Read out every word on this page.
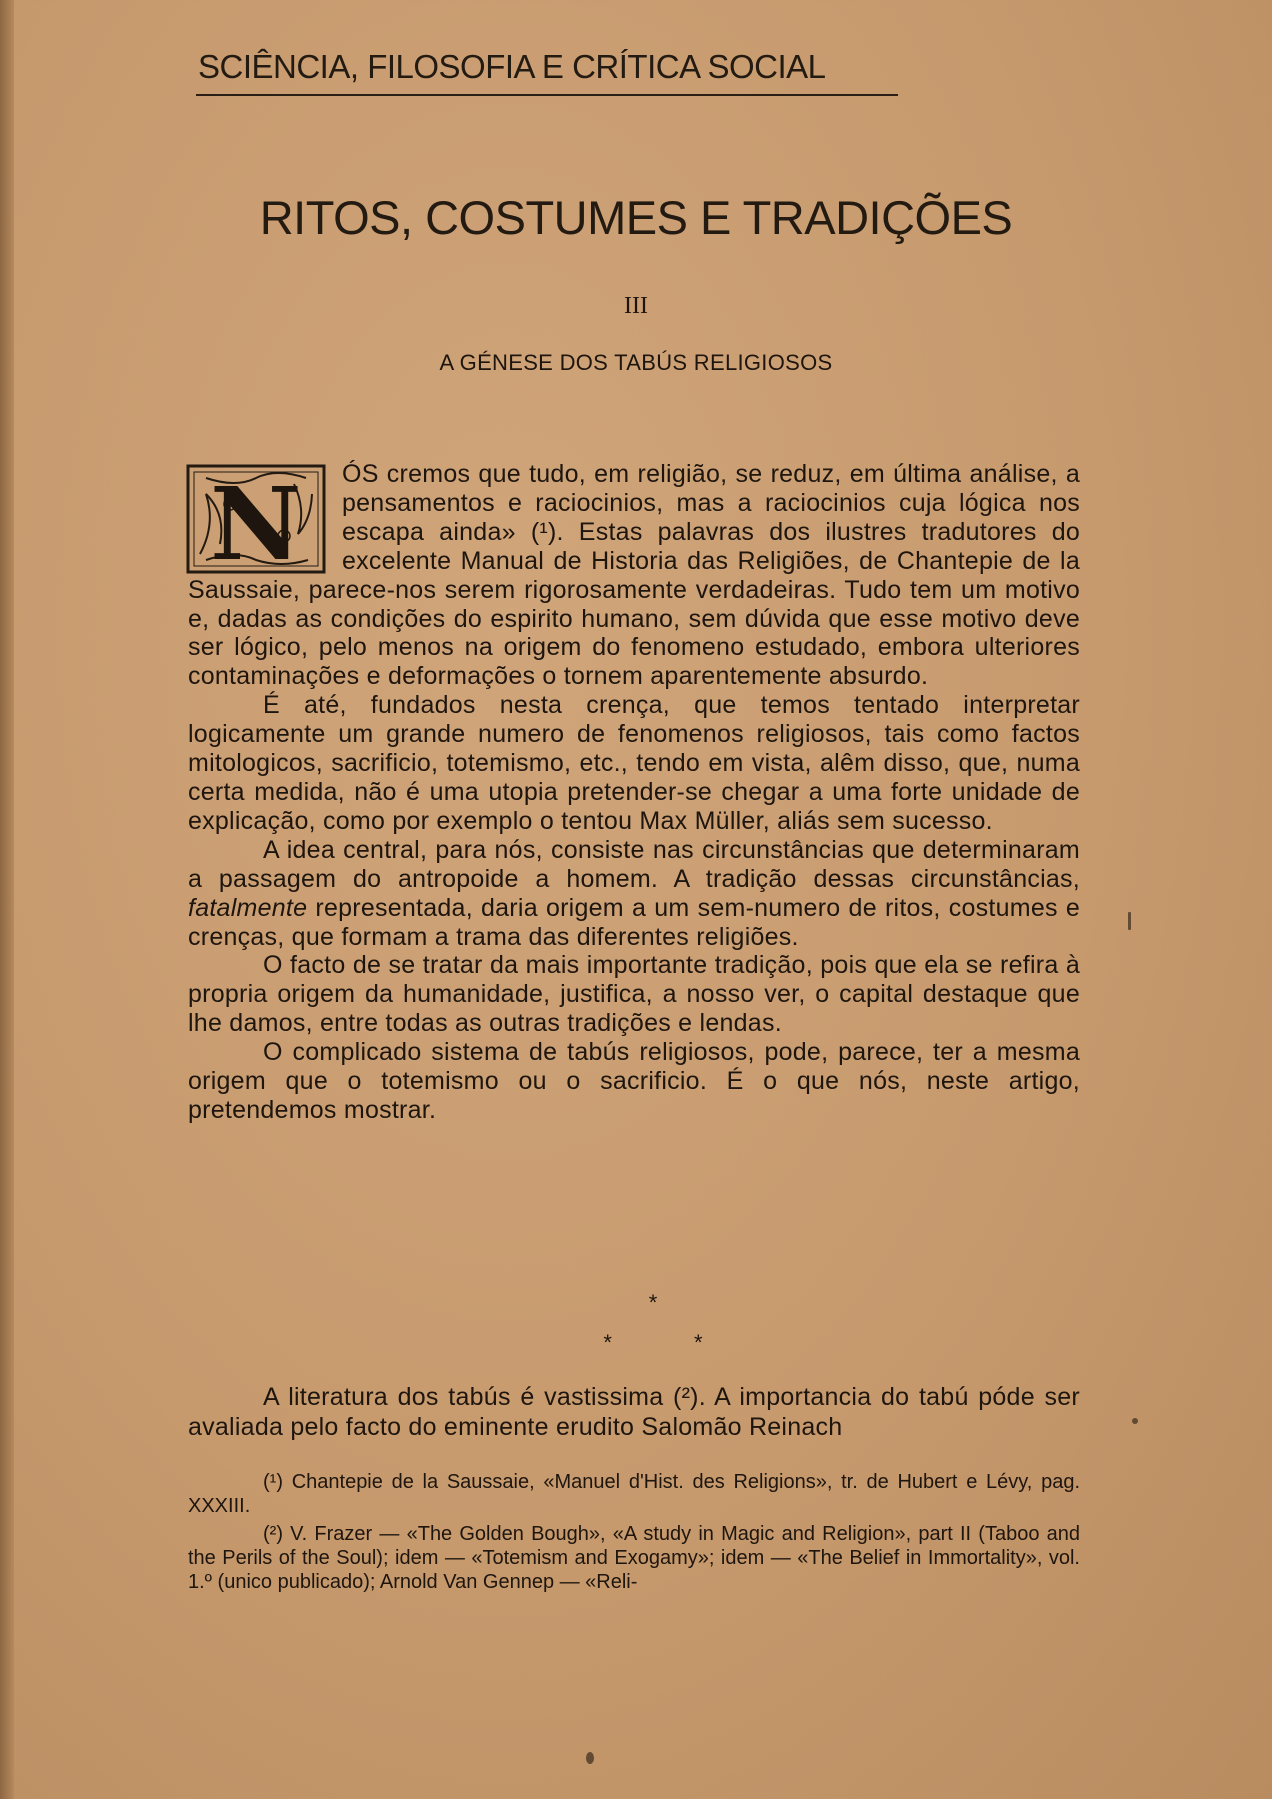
SCIÊNCIA, FILOSOFIA E CRÍTICA SOCIAL
RITOS, COSTUMES E TRADIÇÕES
III
A GÉNESE DOS TABÚS RELIGIOSOS

N ÓS cremos que tudo, em religião, se reduz, em última análise, a pensamentos e raciocinios, mas a raciocinios cuja lógica nos escapa ainda» (¹). Estas palavras dos ilustres tradutores do excelente Manual de Historia das Religiões, de Chantepie de la Saussaie, parece-nos serem rigorosamente verdadeiras. Tudo tem um motivo e, dadas as condições do espirito humano, sem dúvida que esse motivo deve ser lógico, pelo menos na origem do fenomeno estudado, embora ulteriores contaminações e deformações o tornem aparentemente absurdo.

É até, fundados nesta crença, que temos tentado interpretar logicamente um grande numero de fenomenos religiosos, tais como factos mitologicos, sacrificio, totemismo, etc., tendo em vista, alêm disso, que, numa certa medida, não é uma utopia pretender-se chegar a uma forte unidade de explicação, como por exemplo o tentou Max Müller, aliás sem sucesso.

A idea central, para nós, consiste nas circunstâncias que determinaram a passagem do antropoide a homem. A tradição dessas circunstâncias, fatalmente representada, daria origem a um sem-numero de ritos, costumes e crenças, que formam a trama das diferentes religiões.

O facto de se tratar da mais importante tradição, pois que ela se refira à propria origem da humanidade, justifica, a nosso ver, o capital destaque que lhe damos, entre todas as outras tradições e lendas.

O complicado sistema de tabús religiosos, pode, parece, ter a mesma origem que o totemismo ou o sacrificio. É o que nós, neste artigo, pretendemos mostrar.

*
* *

A literatura dos tabús é vastissima (²). A importancia do tabú póde ser avaliada pelo facto do eminente erudito Salomão Reinach

(¹) Chantepie de la Saussaie, «Manuel d'Hist. des Religions», tr. de Hubert e Lévy, pag. XXXIII.

(²) V. Frazer — «The Golden Bough», «A study in Magic and Religion», part II (Taboo and the Perils of the Soul); idem — «Totemism and Exogamy»; idem — «The Belief in Immortality», vol. 1.º (unico publicado); Arnold Van Gennep — «Reli-
